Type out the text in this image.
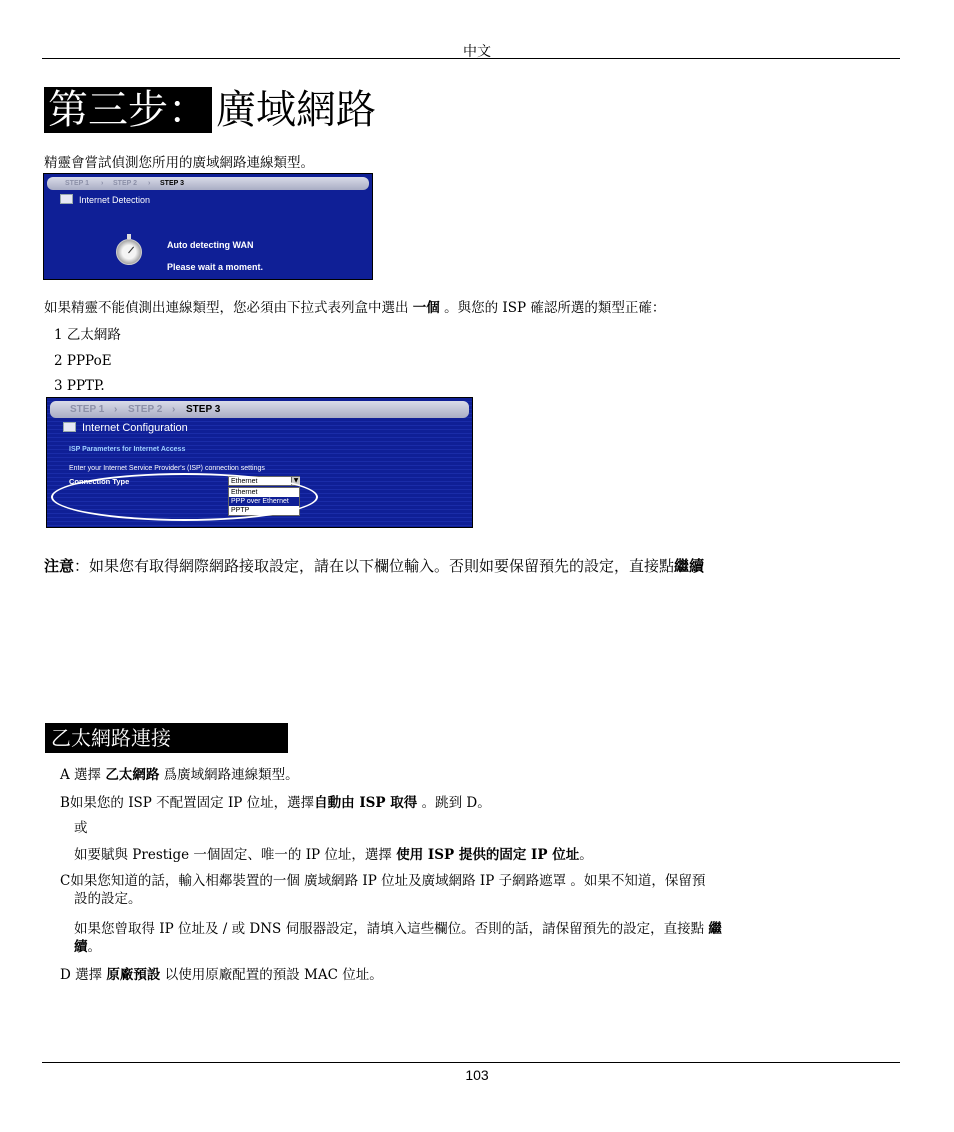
中文
第三步： 廣域網路
精靈會嘗試偵測您所用的廣域網路連線類型。
STEP 1 › STEP 2 › STEP 3
Internet Detection
Auto detecting WAN
Please wait a moment.
如果精靈不能偵測出連線類型，您必須由下拉式表列盒中選出 一個 。與您的 ISP 確認所選的類型正確：
1 乙太網路
2 PPPoE
3 PPTP.
STEP 1 › STEP 2 › STEP 3
Internet Configuration
ISP Parameters for Internet Access
Enter your Internet Service Provider's (ISP) connection settings
Connection Type	Ethernet	▼
Ethernet
PPP over Ethernet
PPTP
注意：如果您有取得網際網路接取設定，請在以下欄位輸入。否則如要保留預先的設定，直接點繼續
乙太網路連接
A 選擇 乙太網路 爲廣域網路連線類型。
B如果您的 ISP 不配置固定 IP 位址，選擇自動由 ISP 取得 。跳到 D。
或
如要賦與 Prestige 一個固定、唯一的 IP 位址，選擇 使用 ISP 提供的固定 IP 位址。
C如果您知道的話，輸入相鄰裝置的一個 廣域網路 IP 位址及廣域網路 IP 子網路遮罩 。如果不知道，保留預
設的設定。
如果您曾取得 IP 位址及 / 或 DNS 伺服器設定，請填入這些欄位。否則的話，請保留預先的設定，直接點 繼
續。
D 選擇 原廠預設 以使用原廠配置的預設 MAC 位址。
103
